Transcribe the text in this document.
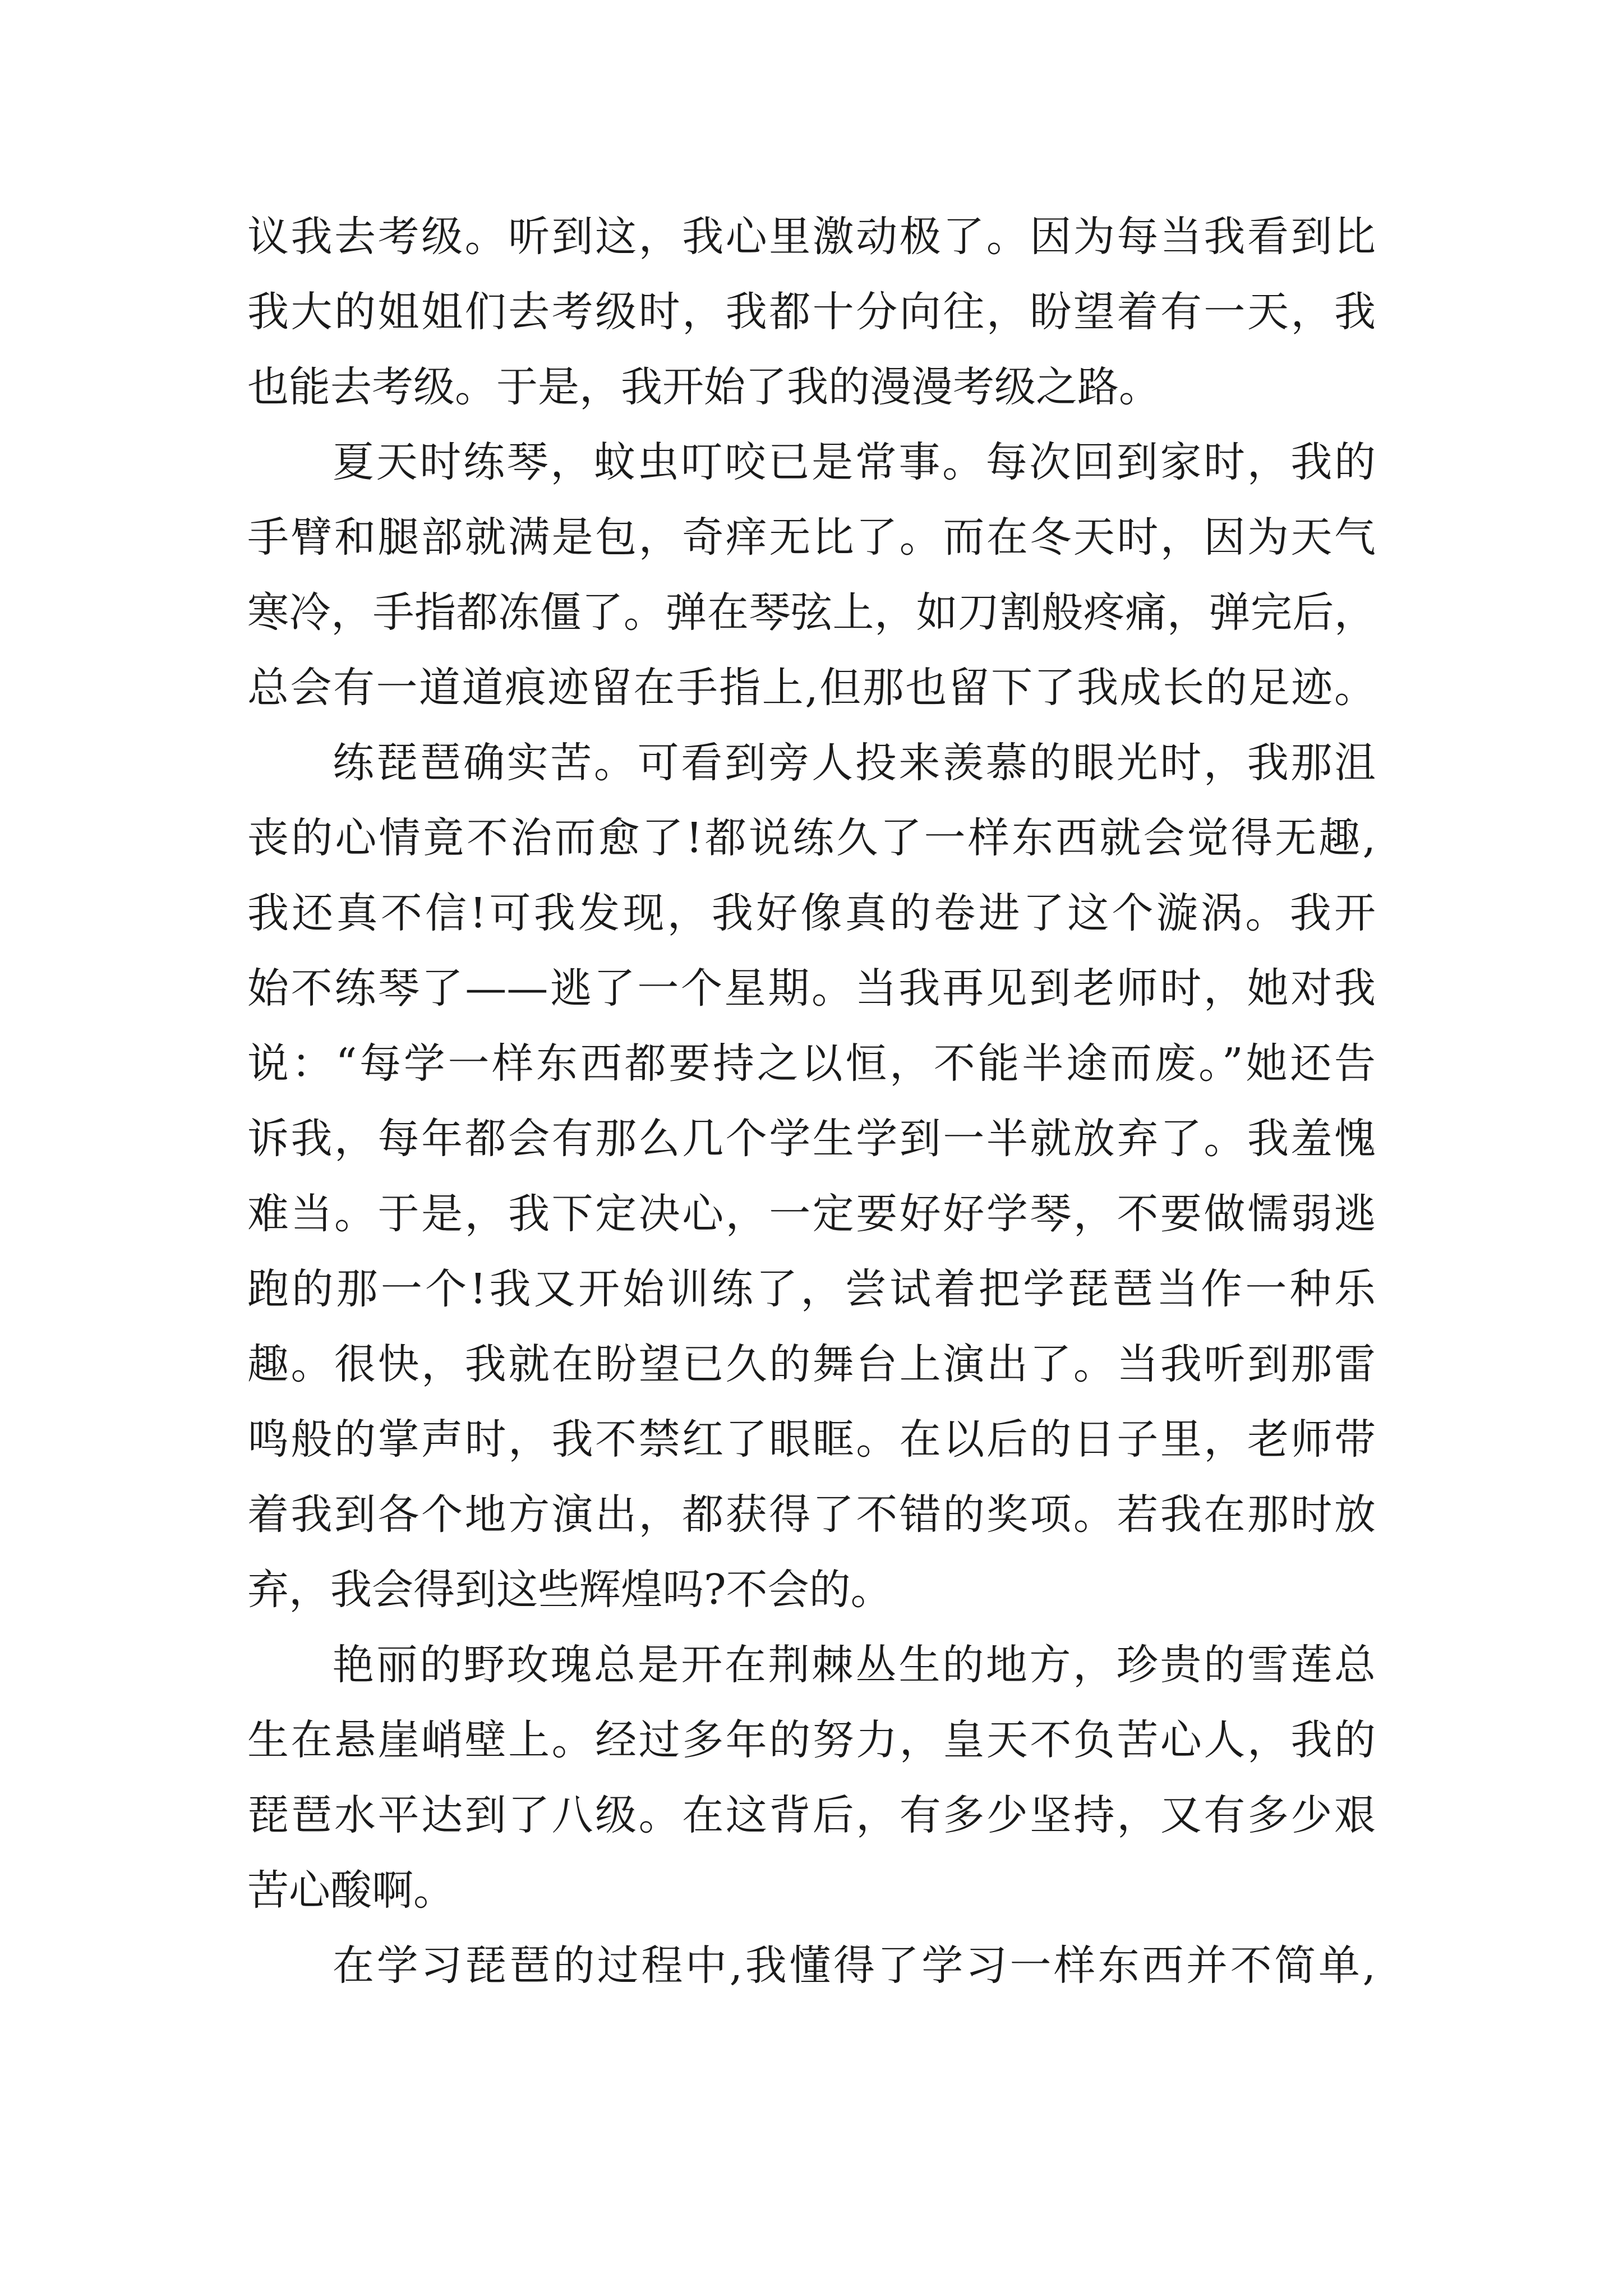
议我去考级。听到这，我心里激动极了。因为每当我看到比
我大的姐姐们去考级时，我都十分向往，盼望着有一天，我
也能去考级。于是，我开始了我的漫漫考级之路。
夏天时练琴，蚊虫叮咬已是常事。每次回到家时，我的
手臂和腿部就满是包，奇痒无比了。而在冬天时，因为天气
寒冷，手指都冻僵了。弹在琴弦上，如刀割般疼痛，弹完后，
总会有一道道痕迹留在手指上,但那也留下了我成长的足迹。
练琵琶确实苦。可看到旁人投来羡慕的眼光时，我那沮
丧的心情竟不治而愈了!都说练久了一样东西就会觉得无趣,
我还真不信!可我发现，我好像真的卷进了这个漩涡。我开
始不练琴了——逃了一个星期。当我再见到老师时，她对我
说：“每学一样东西都要持之以恒，不能半途而废。”她还告
诉我，每年都会有那么几个学生学到一半就放弃了。我羞愧
难当。于是，我下定决心，一定要好好学琴，不要做懦弱逃
跑的那一个!我又开始训练了，尝试着把学琵琶当作一种乐
趣。很快，我就在盼望已久的舞台上演出了。当我听到那雷
鸣般的掌声时，我不禁红了眼眶。在以后的日子里，老师带
着我到各个地方演出，都获得了不错的奖项。若我在那时放
弃，我会得到这些辉煌吗?不会的。
艳丽的野玫瑰总是开在荆棘丛生的地方，珍贵的雪莲总
生在悬崖峭壁上。经过多年的努力，皇天不负苦心人，我的
琵琶水平达到了八级。在这背后，有多少坚持，又有多少艰
苦心酸啊。
在学习琵琶的过程中,我懂得了学习一样东西并不简单,
